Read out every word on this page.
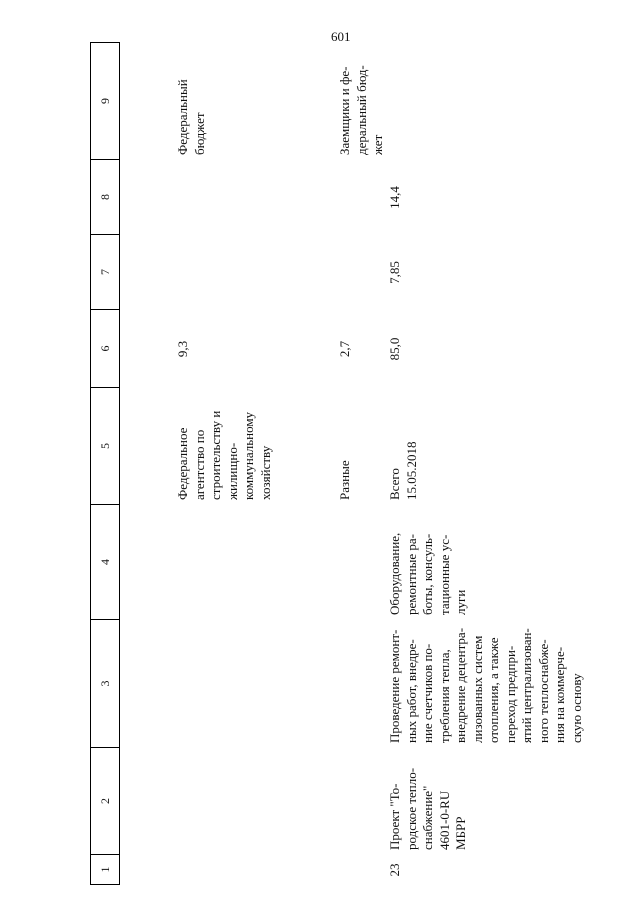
601
1
2
3
4
5
6
7
8
9
Федеральное агентство по строительству и жилищно- коммунальному хозяйству
9,3
Федеральный бюджет
Разные
2,7
Заемщики и фе- деральный бюд- жет
23
Проект "То- родское тепло- снабжение" 4601-0-RU МБРР
Проведение ремонт- ных работ, внедре- ние счетчиков по- требления тепла, внедрение децентра- лизованных систем отопления, а также переход предпри- ятий централизован- ного теплоснабже- ния на коммерче- скую основу
Оборудование, ремонтные ра- боты, консуль- тационные ус- луги
Всего 15.05.2018
85,0
7,85
14,4
